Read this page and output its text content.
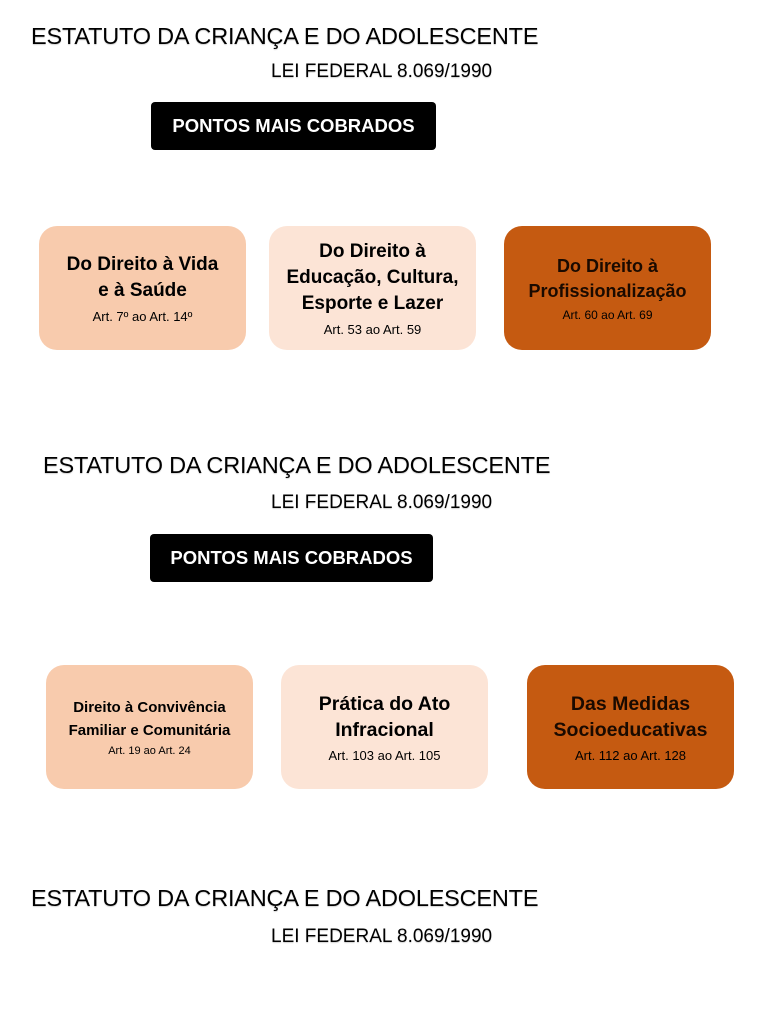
ESTATUTO DA CRIANÇA E DO ADOLESCENTE
LEI FEDERAL 8.069/1990
PONTOS MAIS COBRADOS
Do Direito à Vida
e à Saúde
Art. 7º ao Art. 14º
Do Direito à
Educação, Cultura,
Esporte e Lazer
Art. 53 ao Art. 59
Do Direito à
Profissionalização
Art. 60 ao Art. 69
ESTATUTO DA CRIANÇA E DO ADOLESCENTE
LEI FEDERAL 8.069/1990
PONTOS MAIS COBRADOS
Direito à Convivência
Familiar e Comunitária
Art. 19 ao Art. 24
Prática do Ato
Infracional
Art. 103 ao Art. 105
Das Medidas
Socioeducativas
Art. 112 ao Art. 128
ESTATUTO DA CRIANÇA E DO ADOLESCENTE
LEI FEDERAL 8.069/1990
